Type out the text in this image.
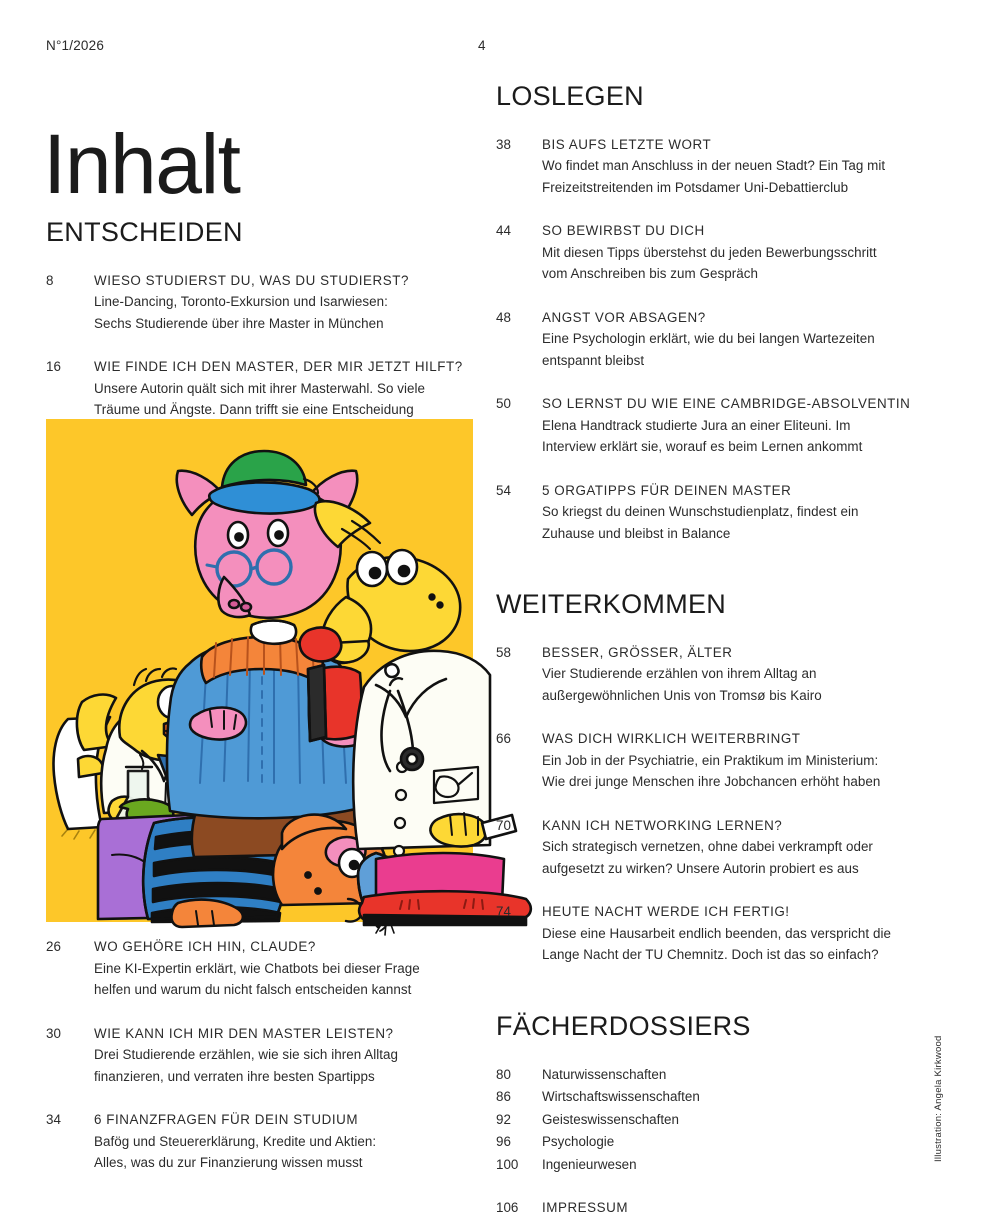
N°1/2026	4
Inhalt
ENTSCHEIDEN
8	WIESO STUDIERST DU, WAS DU STUDIERST?
Line-Dancing, Toronto-Exkursion und Isarwiesen:
Sechs Studierende über ihre Master in München
16	WIE FINDE ICH DEN MASTER, DER MIR JETZT HILFT?
Unsere Autorin quält sich mit ihrer Masterwahl. So viele
Träume und Ängste. Dann trifft sie eine Entscheidung
26	WO GEHÖRE ICH HIN, CLAUDE?
Eine KI-Expertin erklärt, wie Chatbots bei dieser Frage
helfen und warum du nicht falsch entscheiden kannst
30	WIE KANN ICH MIR DEN MASTER LEISTEN?
Drei Studierende erzählen, wie sie sich ihren Alltag
finanzieren, und verraten ihre besten Spartipps
34	6 FINANZFRAGEN FÜR DEIN STUDIUM
Bafög und Steuererklärung, Kredite und Aktien:
Alles, was du zur Finanzierung wissen musst
LOSLEGEN
38	BIS AUFS LETZTE WORT
Wo findet man Anschluss in der neuen Stadt? Ein Tag mit
Freizeitstreitenden im Potsdamer Uni-Debattierclub
44	SO BEWIRBST DU DICH
Mit diesen Tipps überstehst du jeden Bewerbungsschritt
vom Anschreiben bis zum Gespräch
48	ANGST VOR ABSAGEN?
Eine Psychologin erklärt, wie du bei langen Wartezeiten
entspannt bleibst
50	SO LERNST DU WIE EINE CAMBRIDGE-ABSOLVENTIN
Elena Handtrack studierte Jura an einer Eliteuni. Im
Interview erklärt sie, worauf es beim Lernen ankommt
54	5 ORGATIPPS FÜR DEINEN MASTER
So kriegst du deinen Wunschstudienplatz, findest ein
Zuhause und bleibst in Balance
WEITERKOMMEN
58	BESSER, GRÖSSER, ÄLTER
Vier Studierende erzählen von ihrem Alltag an
außergewöhnlichen Unis von Tromsø bis Kairo
66	WAS DICH WIRKLICH WEITERBRINGT
Ein Job in der Psychiatrie, ein Praktikum im Ministerium:
Wie drei junge Menschen ihre Jobchancen erhöht haben
70	KANN ICH NETWORKING LERNEN?
Sich strategisch vernetzen, ohne dabei verkrampft oder
aufgesetzt zu wirken? Unsere Autorin probiert es aus
74	HEUTE NACHT WERDE ICH FERTIG!
Diese eine Hausarbeit endlich beenden, das verspricht die
Lange Nacht der TU Chemnitz. Doch ist das so einfach?
FÄCHERDOSSIERS
80	Naturwissenschaften
86	Wirtschaftswissenschaften
92	Geisteswissenschaften
96	Psychologie
100	Ingenieurwesen
106	IMPRESSUM
Illustration: Angela Kirkwood
